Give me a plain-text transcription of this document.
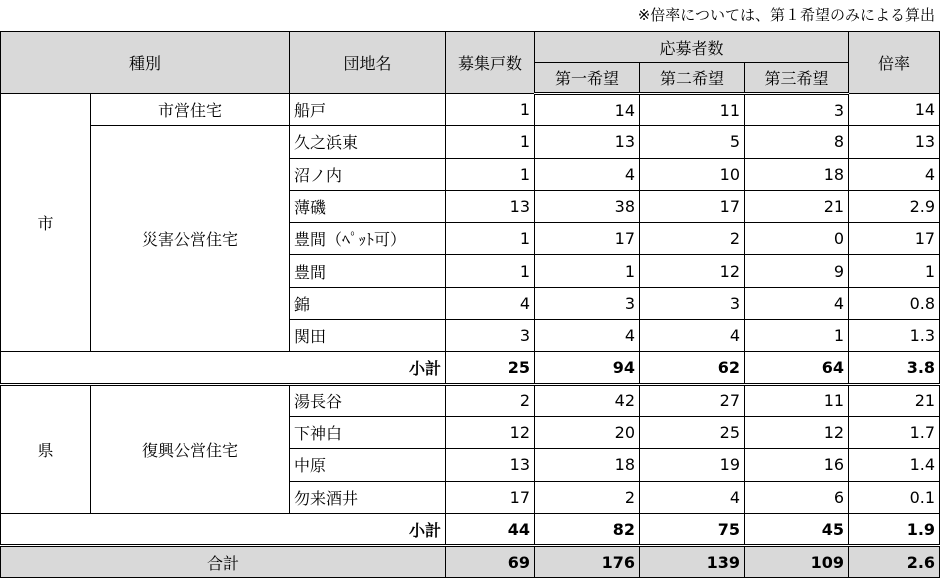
※倍率については、第１希望のみによる算出
種別		団地名	募集戸数	応募者数			倍率
				第一希望	第二希望	第三希望	
市	市営住宅	船戸	1	14	11	3	14
	災害公営住宅	久之浜東	1	13	5	8	13
		沼ノ内	1	4	10	18	4
		薄磯	13	38	17	21	2.9
		豊間（ﾍﾟｯﾄ可）	1	17	2	0	17
		豊間	1	1	12	9	1
		錦	4	3	3	4	0.8
		関田	3	4	4	1	1.3
小計			25	94	62	64	3.8
県	復興公営住宅	湯長谷	2	42	27	11	21
		下神白	12	20	25	12	1.7
		中原	13	18	19	16	1.4
		勿来酒井	17	2	4	6	0.1
小計			44	82	75	45	1.9
合計			69	176	139	109	2.6
